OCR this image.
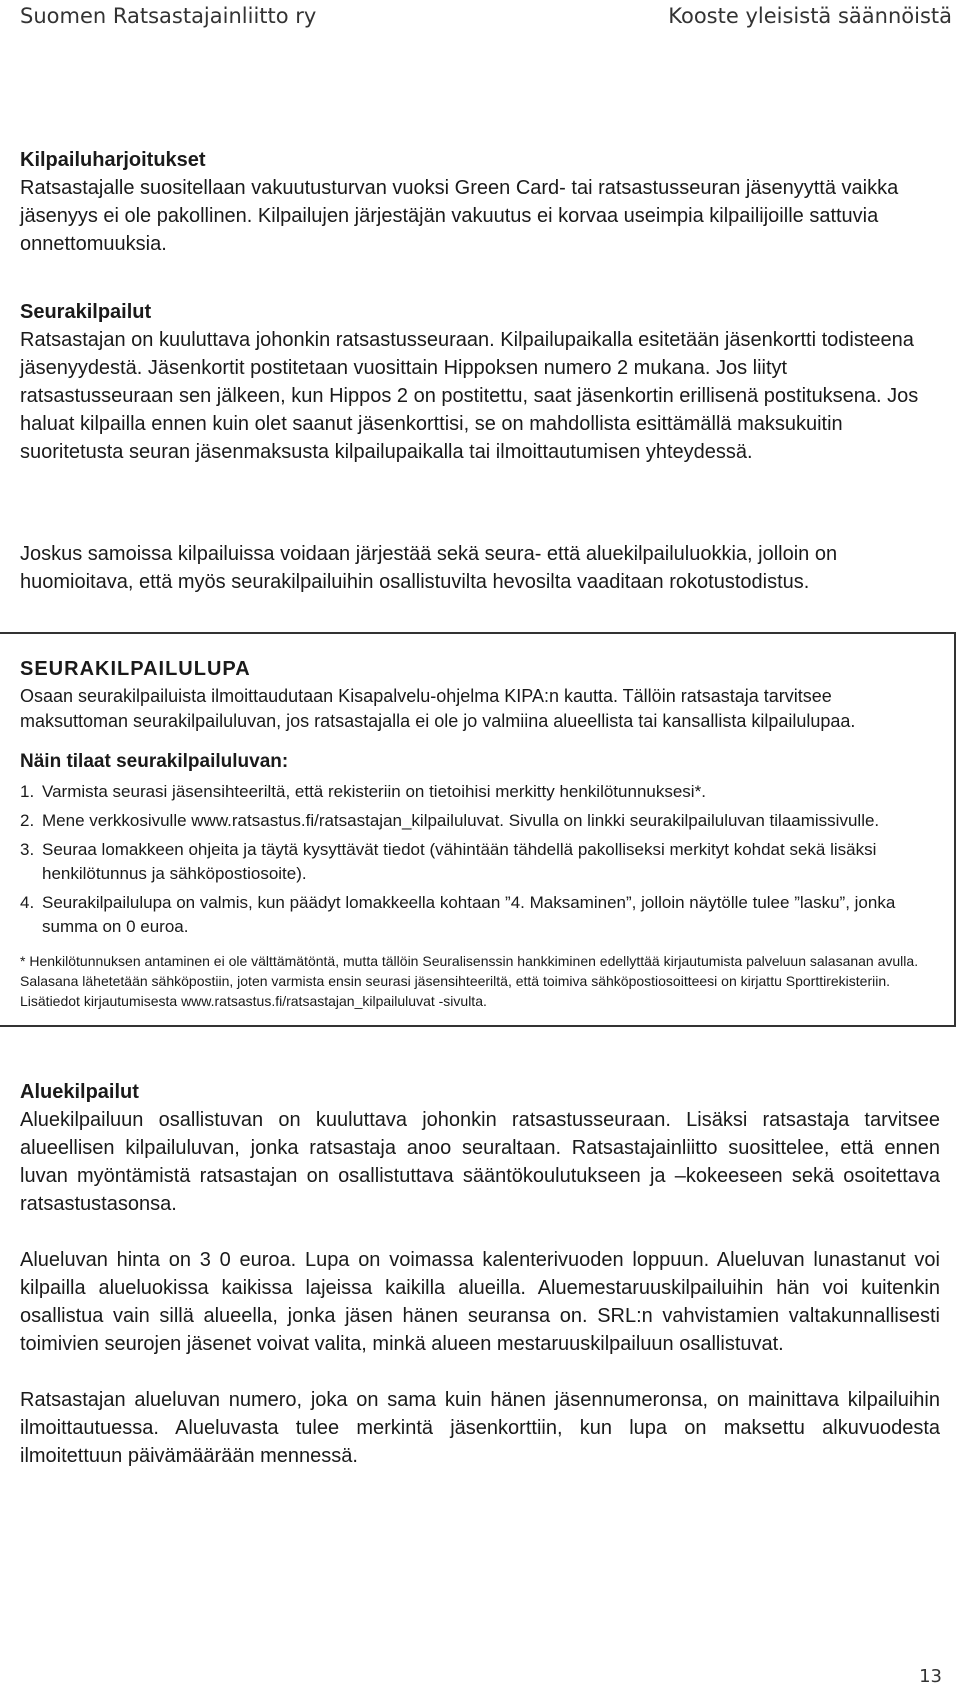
Suomen Ratsastajainliitto ry	Kooste yleisistä säännöistä

Kilpailuharjoitukset

Ratsastajalle suositellaan vakuutusturvan vuoksi Green Card- tai ratsastusseuran jäsenyyttä vaikka jäsenyys ei ole pakollinen. Kilpailujen järjestäjän vakuutus ei korvaa useimpia kilpailijoille sattuvia onnettomuuksia.

Seurakilpailut

Ratsastajan on kuuluttava johonkin ratsastusseuraan. Kilpailupaikalla esitetään jäsenkortti todisteena jäsenyydestä. Jäsenkortit postitetaan vuosittain Hippoksen numero 2 mukana. Jos liityt ratsastusseuraan sen jälkeen, kun Hippos 2 on postitettu, saat jäsenkortin erillisenä postituksena. Jos haluat kilpailla ennen kuin olet saanut jäsenkorttisi, se on mahdollista esittämällä maksukuitin suoritetusta seuran jäsenmaksusta kilpailupaikalla tai ilmoittautumisen yhteydessä.

Joskus samoissa kilpailuissa voidaan järjestää sekä seura- että aluekilpailuluokkia, jolloin on huomioitava, että myös seurakilpailuihin osallistuvilta hevosilta vaaditaan rokotustodistus.

SEURAKILPAILULUPA

Osaan seurakilpailuista ilmoittaudutaan Kisapalvelu-ohjelma KIPA:n kautta. Tällöin ratsastaja tarvitsee maksuttoman seurakilpailuluvan, jos ratsastajalla ei ole jo valmiina alueellista tai kansallista kilpailulupaa.

Näin tilaat seurakilpailuluvan:

1. Varmista seurasi jäsensihteeriltä, että rekisteriin on tietoihisi merkitty henkilötunnuksesi*.
2. Mene verkkosivulle www.ratsastus.fi/ratsastajan_kilpailuluvat. Sivulla on linkki seurakilpailuluvan tilaamissivulle.
3. Seuraa lomakkeen ohjeita ja täytä kysyttävät tiedot (vähintään tähdellä pakolliseksi merkityt kohdat sekä lisäksi henkilötunnus ja sähköpostiosoite).
4. Seurakilpailulupa on valmis, kun päädyt lomakkeella kohtaan ”4. Maksaminen”, jolloin näytölle tulee ”lasku”, jonka summa on 0 euroa.
* Henkilötunnuksen antaminen ei ole välttämätöntä, mutta tällöin Seuralisenssin hankkiminen edellyttää kirjautumista palveluun salasanan avulla. Salasana lähetetään sähköpostiin, joten varmista ensin seurasi jäsensihteeriltä, että toimiva sähköpostiosoitteesi on kirjattu Sporttirekisteriin.
Lisätiedot kirjautumisesta www.ratsastus.fi/ratsastajan_kilpailuluvat -sivulta.

Aluekilpailut

Aluekilpailuun osallistuvan on kuuluttava johonkin ratsastusseuraan. Lisäksi ratsastaja tarvitsee alueellisen kilpailuluvan, jonka ratsastaja anoo seuraltaan. Ratsastajainliitto suosittelee, että ennen luvan myöntämistä ratsastajan on osallistuttava sääntökoulutukseen ja –kokeeseen sekä osoitettava ratsastustasonsa.

Alueluvan hinta on 3 0 euroa. Lupa on voimassa kalenterivuoden loppuun. Alueluvan lunastanut voi kilpailla alueluokissa kaikissa lajeissa kaikilla alueilla. Aluemestaruuskilpailuihin hän voi kuitenkin osallistua vain sillä alueella, jonka jäsen hänen seuransa on. SRL:n vahvistamien valtakunnallisesti toimivien seurojen jäsenet voivat valita, minkä alueen mestaruuskilpailuun osallistuvat.

Ratsastajan alueluvan numero, joka on sama kuin hänen jäsennumeronsa, on mainittava kilpailuihin ilmoittautuessa. Alueluvasta tulee merkintä jäsenkorttiin, kun lupa on maksettu alkuvuodesta ilmoitettuun päivämäärään mennessä.

13
